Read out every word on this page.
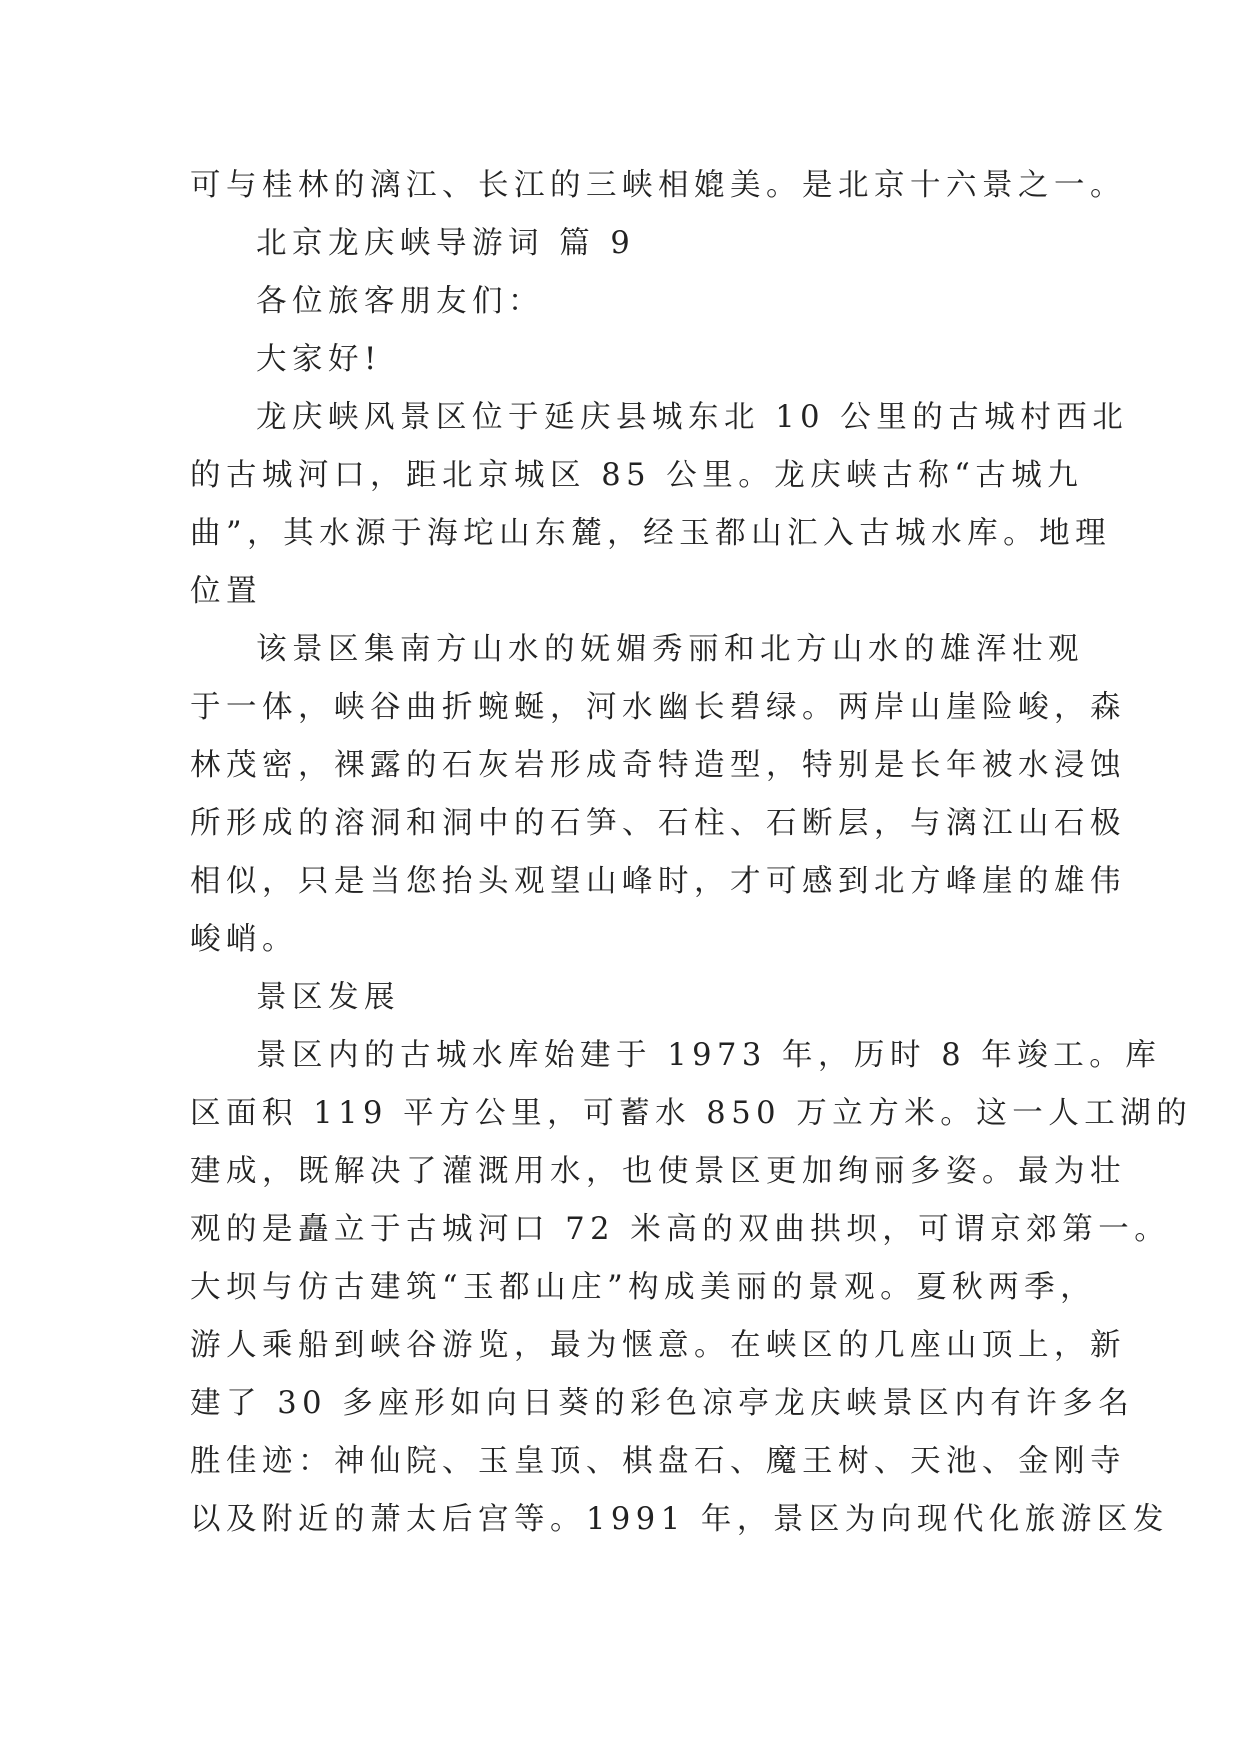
可与桂林的漓江、长江的三峡相媲美。是北京十六景之一。
北京龙庆峡导游词 篇 9
各位旅客朋友们：
大家好!
龙庆峡风景区位于延庆县城东北 10 公里的古城村西北
的古城河口，距北京城区 85 公里。龙庆峡古称“古城九
曲”，其水源于海坨山东麓，经玉都山汇入古城水库。地理
位置
该景区集南方山水的妩媚秀丽和北方山水的雄浑壮观
于一体，峡谷曲折蜿蜒，河水幽长碧绿。两岸山崖险峻，森
林茂密，裸露的石灰岩形成奇特造型，特别是长年被水浸蚀
所形成的溶洞和洞中的石笋、石柱、石断层，与漓江山石极
相似，只是当您抬头观望山峰时，才可感到北方峰崖的雄伟
峻峭。
景区发展
景区内的古城水库始建于 1973 年，历时 8 年竣工。库
区面积 119 平方公里，可蓄水 850 万立方米。这一人工湖的
建成，既解决了灌溉用水，也使景区更加绚丽多姿。最为壮
观的是矗立于古城河口 72 米高的双曲拱坝，可谓京郊第一。
大坝与仿古建筑“玉都山庄”构成美丽的景观。夏秋两季，
游人乘船到峡谷游览，最为惬意。在峡区的几座山顶上，新
建了 30 多座形如向日葵的彩色凉亭龙庆峡景区内有许多名
胜佳迹：神仙院、玉皇顶、棋盘石、魔王树、天池、金刚寺
以及附近的萧太后宫等。1991 年，景区为向现代化旅游区发
